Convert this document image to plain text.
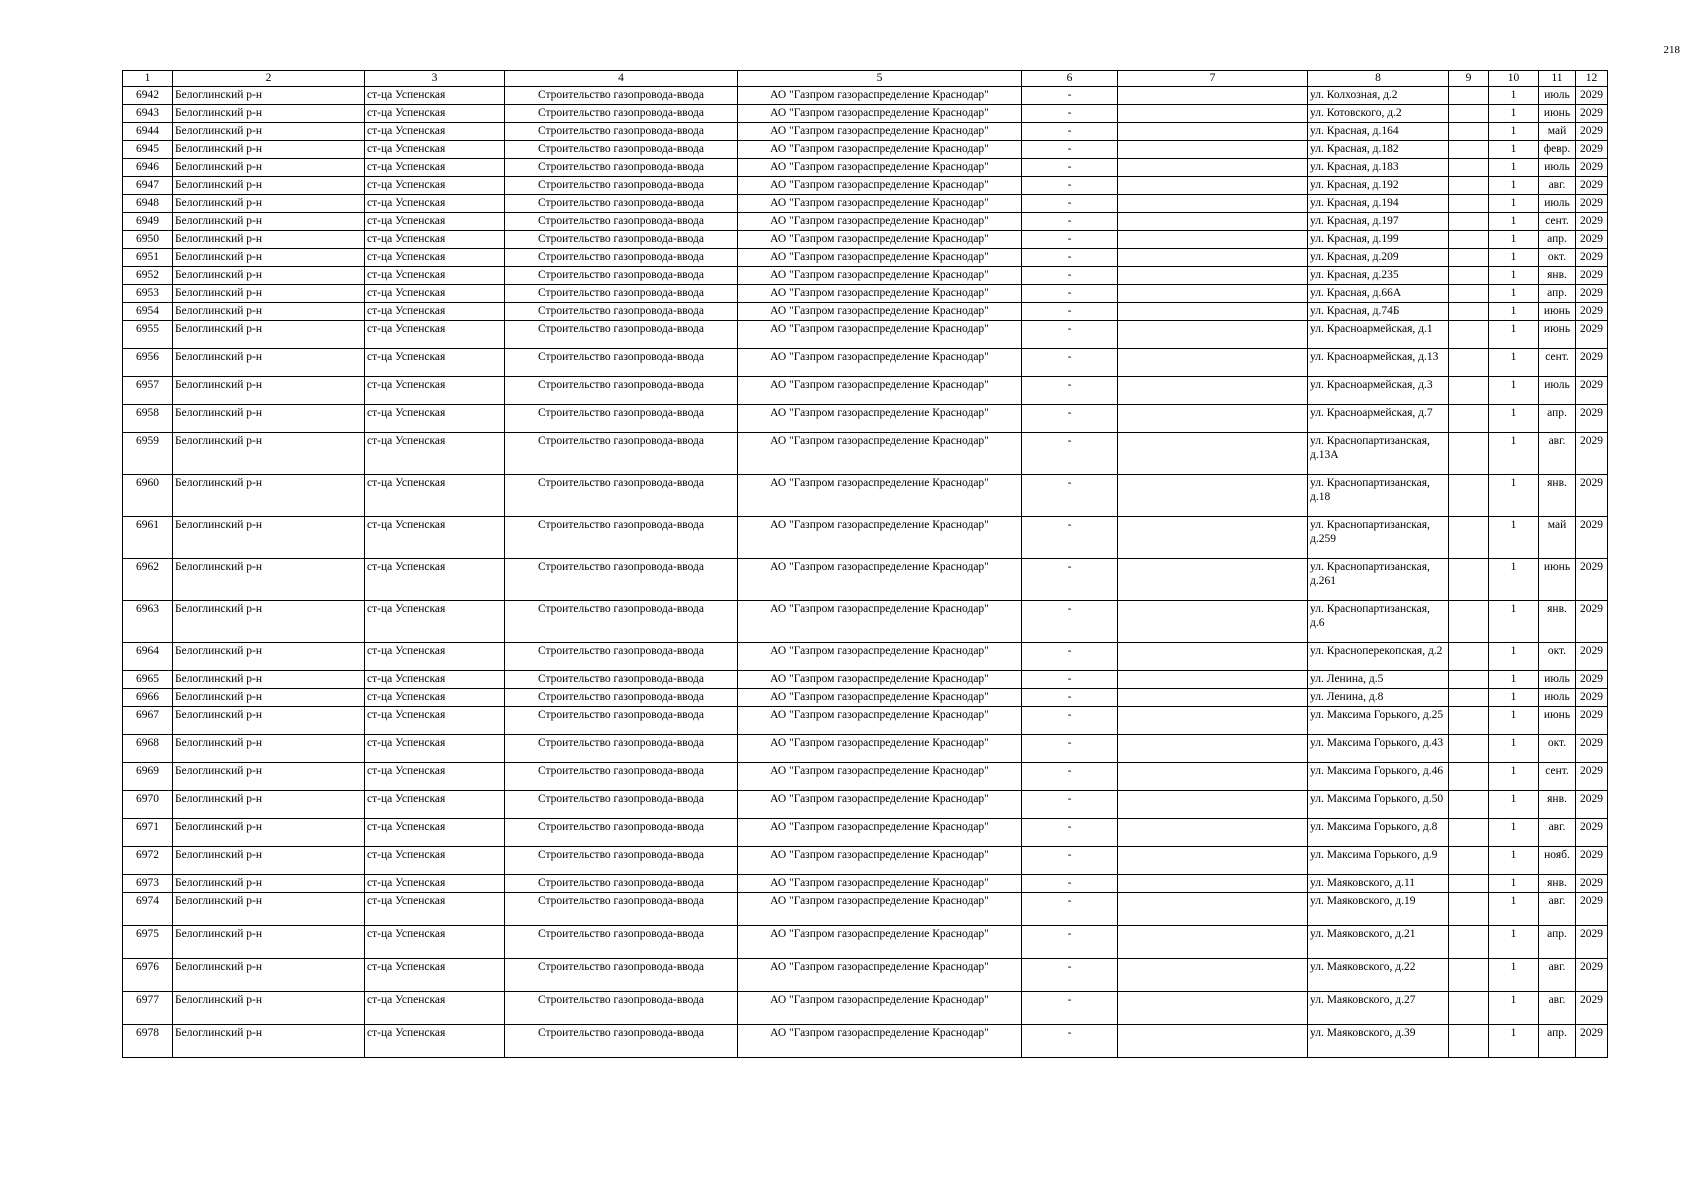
218
1	2	3	4	5	6	7	8	9	10	11	12
6942	Белоглинский р-н	ст-ца Успенская	Строительство газопровода-ввода	АО "Газпром газораспределение Краснодар"	-		ул. Колхозная, д.2		1	июль	2029
6943	Белоглинский р-н	ст-ца Успенская	Строительство газопровода-ввода	АО "Газпром газораспределение Краснодар"	-		ул. Котовского, д.2		1	июнь	2029
6944	Белоглинский р-н	ст-ца Успенская	Строительство газопровода-ввода	АО "Газпром газораспределение Краснодар"	-		ул. Красная, д.164		1	май	2029
6945	Белоглинский р-н	ст-ца Успенская	Строительство газопровода-ввода	АО "Газпром газораспределение Краснодар"	-		ул. Красная, д.182		1	февр.	2029
6946	Белоглинский р-н	ст-ца Успенская	Строительство газопровода-ввода	АО "Газпром газораспределение Краснодар"	-		ул. Красная, д.183		1	июль	2029
6947	Белоглинский р-н	ст-ца Успенская	Строительство газопровода-ввода	АО "Газпром газораспределение Краснодар"	-		ул. Красная, д.192		1	авг.	2029
6948	Белоглинский р-н	ст-ца Успенская	Строительство газопровода-ввода	АО "Газпром газораспределение Краснодар"	-		ул. Красная, д.194		1	июль	2029
6949	Белоглинский р-н	ст-ца Успенская	Строительство газопровода-ввода	АО "Газпром газораспределение Краснодар"	-		ул. Красная, д.197		1	сент.	2029
6950	Белоглинский р-н	ст-ца Успенская	Строительство газопровода-ввода	АО "Газпром газораспределение Краснодар"	-		ул. Красная, д.199		1	апр.	2029
6951	Белоглинский р-н	ст-ца Успенская	Строительство газопровода-ввода	АО "Газпром газораспределение Краснодар"	-		ул. Красная, д.209		1	окт.	2029
6952	Белоглинский р-н	ст-ца Успенская	Строительство газопровода-ввода	АО "Газпром газораспределение Краснодар"	-		ул. Красная, д.235		1	янв.	2029
6953	Белоглинский р-н	ст-ца Успенская	Строительство газопровода-ввода	АО "Газпром газораспределение Краснодар"	-		ул. Красная, д.66А		1	апр.	2029
6954	Белоглинский р-н	ст-ца Успенская	Строительство газопровода-ввода	АО "Газпром газораспределение Краснодар"	-		ул. Красная, д.74Б		1	июнь	2029
6955	Белоглинский р-н	ст-ца Успенская	Строительство газопровода-ввода	АО "Газпром газораспределение Краснодар"	-		ул. Красноармейская, д.1		1	июнь	2029
6956	Белоглинский р-н	ст-ца Успенская	Строительство газопровода-ввода	АО "Газпром газораспределение Краснодар"	-		ул. Красноармейская, д.13		1	сент.	2029
6957	Белоглинский р-н	ст-ца Успенская	Строительство газопровода-ввода	АО "Газпром газораспределение Краснодар"	-		ул. Красноармейская, д.3		1	июль	2029
6958	Белоглинский р-н	ст-ца Успенская	Строительство газопровода-ввода	АО "Газпром газораспределение Краснодар"	-		ул. Красноармейская, д.7		1	апр.	2029
6959	Белоглинский р-н	ст-ца Успенская	Строительство газопровода-ввода	АО "Газпром газораспределение Краснодар"	-		ул. Краснопартизанская, д.13А		1	авг.	2029
6960	Белоглинский р-н	ст-ца Успенская	Строительство газопровода-ввода	АО "Газпром газораспределение Краснодар"	-		ул. Краснопартизанская, д.18		1	янв.	2029
6961	Белоглинский р-н	ст-ца Успенская	Строительство газопровода-ввода	АО "Газпром газораспределение Краснодар"	-		ул. Краснопартизанская, д.259		1	май	2029
6962	Белоглинский р-н	ст-ца Успенская	Строительство газопровода-ввода	АО "Газпром газораспределение Краснодар"	-		ул. Краснопартизанская, д.261		1	июнь	2029
6963	Белоглинский р-н	ст-ца Успенская	Строительство газопровода-ввода	АО "Газпром газораспределение Краснодар"	-		ул. Краснопартизанская, д.6		1	янв.	2029
6964	Белоглинский р-н	ст-ца Успенская	Строительство газопровода-ввода	АО "Газпром газораспределение Краснодар"	-		ул. Красноперекопская, д.2		1	окт.	2029
6965	Белоглинский р-н	ст-ца Успенская	Строительство газопровода-ввода	АО "Газпром газораспределение Краснодар"	-		ул. Ленина, д.5		1	июль	2029
6966	Белоглинский р-н	ст-ца Успенская	Строительство газопровода-ввода	АО "Газпром газораспределение Краснодар"	-		ул. Ленина, д.8		1	июль	2029
6967	Белоглинский р-н	ст-ца Успенская	Строительство газопровода-ввода	АО "Газпром газораспределение Краснодар"	-		ул. Максима Горького, д.25		1	июнь	2029
6968	Белоглинский р-н	ст-ца Успенская	Строительство газопровода-ввода	АО "Газпром газораспределение Краснодар"	-		ул. Максима Горького, д.43		1	окт.	2029
6969	Белоглинский р-н	ст-ца Успенская	Строительство газопровода-ввода	АО "Газпром газораспределение Краснодар"	-		ул. Максима Горького, д.46		1	сент.	2029
6970	Белоглинский р-н	ст-ца Успенская	Строительство газопровода-ввода	АО "Газпром газораспределение Краснодар"	-		ул. Максима Горького, д.50		1	янв.	2029
6971	Белоглинский р-н	ст-ца Успенская	Строительство газопровода-ввода	АО "Газпром газораспределение Краснодар"	-		ул. Максима Горького, д.8		1	авг.	2029
6972	Белоглинский р-н	ст-ца Успенская	Строительство газопровода-ввода	АО "Газпром газораспределение Краснодар"	-		ул. Максима Горького, д.9		1	нояб.	2029
6973	Белоглинский р-н	ст-ца Успенская	Строительство газопровода-ввода	АО "Газпром газораспределение Краснодар"	-		ул. Маяковского, д.11		1	янв.	2029
6974	Белоглинский р-н	ст-ца Успенская	Строительство газопровода-ввода	АО "Газпром газораспределение Краснодар"	-		ул. Маяковского, д.19		1	авг.	2029
6975	Белоглинский р-н	ст-ца Успенская	Строительство газопровода-ввода	АО "Газпром газораспределение Краснодар"	-		ул. Маяковского, д.21		1	апр.	2029
6976	Белоглинский р-н	ст-ца Успенская	Строительство газопровода-ввода	АО "Газпром газораспределение Краснодар"	-		ул. Маяковского, д.22		1	авг.	2029
6977	Белоглинский р-н	ст-ца Успенская	Строительство газопровода-ввода	АО "Газпром газораспределение Краснодар"	-		ул. Маяковского, д.27		1	авг.	2029
6978	Белоглинский р-н	ст-ца Успенская	Строительство газопровода-ввода	АО "Газпром газораспределение Краснодар"	-		ул. Маяковского, д.39		1	апр.	2029
